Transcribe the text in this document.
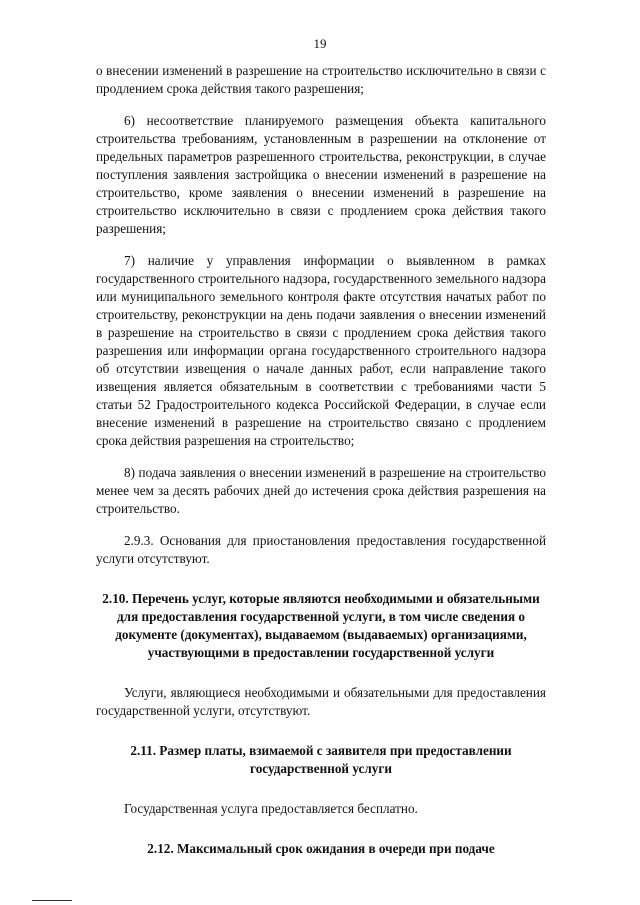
19

о внесении изменений в разрешение на строительство исключительно в связи с продлением срока действия такого разрешения;

6) несоответствие планируемого размещения объекта капитального строительства требованиям, установленным в разрешении на отклонение от предельных параметров разрешенного строительства, реконструкции, в случае поступления заявления застройщика о внесении изменений в разрешение на строительство, кроме заявления о внесении изменений в разрешение на строительство исключительно в связи с продлением срока действия такого разрешения;

7) наличие у управления информации о выявленном в рамках государственного строительного надзора, государственного земельного надзора или муниципального земельного контроля факте отсутствия начатых работ по строительству, реконструкции на день подачи заявления о внесении изменений в разрешение на строительство в связи с продлением срока действия такого разрешения или информации органа государственного строительного надзора об отсутствии извещения о начале данных работ, если направление такого извещения является обязательным в соответствии с требованиями части 5 статьи 52 Градостроительного кодекса Российской Федерации, в случае если внесение изменений в разрешение на строительство связано с продлением срока действия разрешения на строительство;

8) подача заявления о внесении изменений в разрешение на строительство менее чем за десять рабочих дней до истечения срока действия разрешения на строительство.

2.9.3. Основания для приостановления предоставления государственной услуги отсутствуют.

2.10. Перечень услуг, которые являются необходимыми и обязательными для предоставления государственной услуги, в том числе сведения о документе (документах), выдаваемом (выдаваемых) организациями, участвующими в предоставлении государственной услуги

Услуги, являющиеся необходимыми и обязательными для предоставления государственной услуги, отсутствуют.

2.11. Размер платы, взимаемой с заявителя при предоставлении государственной услуги

Государственная услуга предоставляется бесплатно.

2.12. Максимальный срок ожидания в очереди при подаче
